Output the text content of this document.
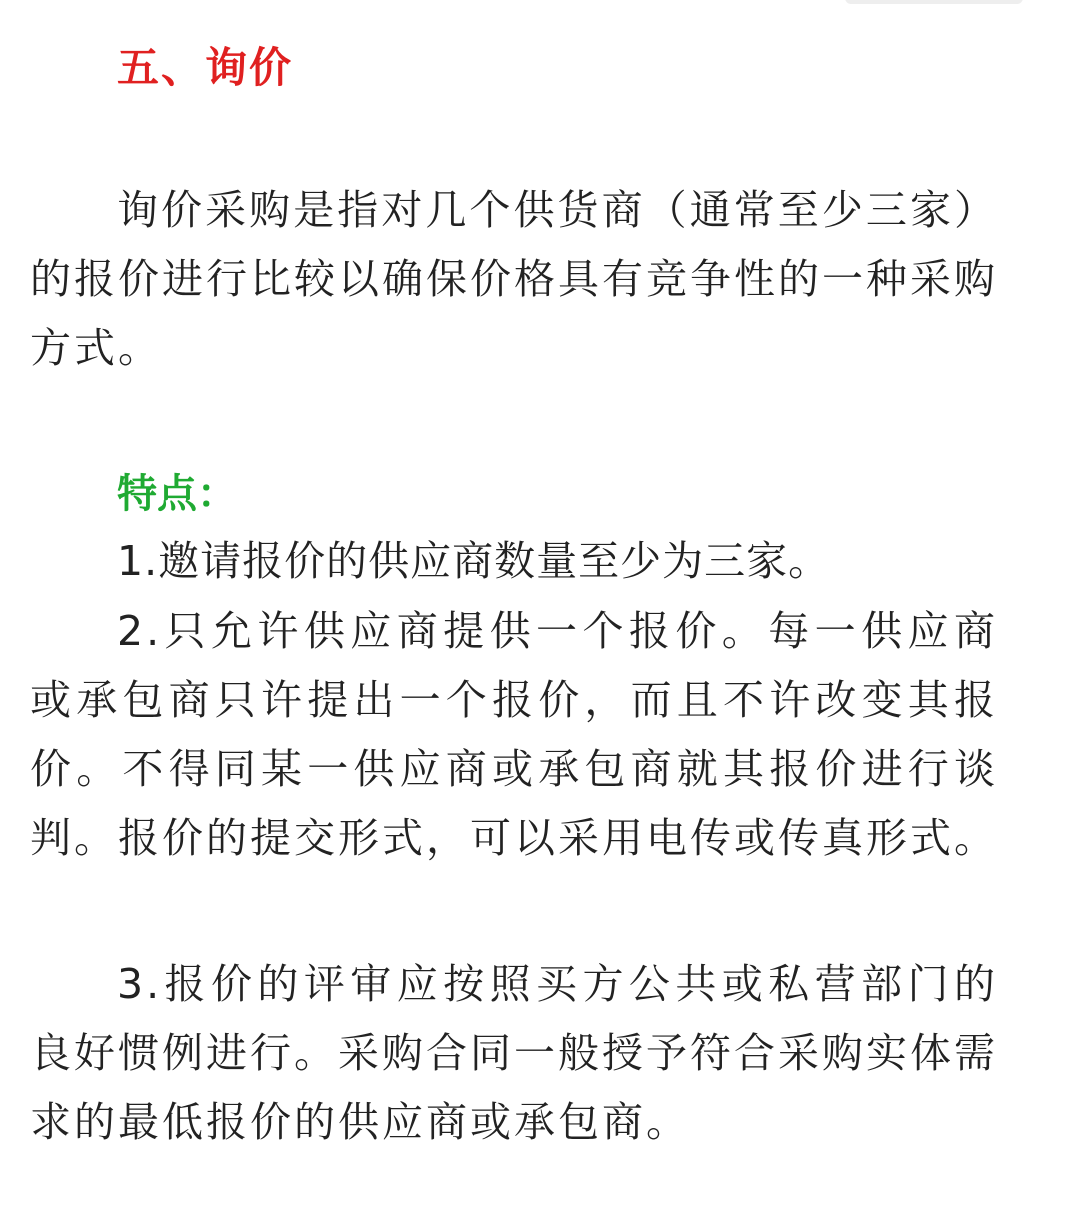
五、询价

询价采购是指对几个供货商（通常至少三家）的报价进行比较以确保价格具有竞争性的一种采购方式。

特点：

1.邀请报价的供应商数量至少为三家。

2.只允许供应商提供一个报价。每一供应商或承包商只许提出一个报价，而且不许改变其报价。不得同某一供应商或承包商就其报价进行谈判。报价的提交形式，可以采用电传或传真形式。

3.报价的评审应按照买方公共或私营部门的良好惯例进行。采购合同一般授予符合采购实体需求的最低报价的供应商或承包商。
